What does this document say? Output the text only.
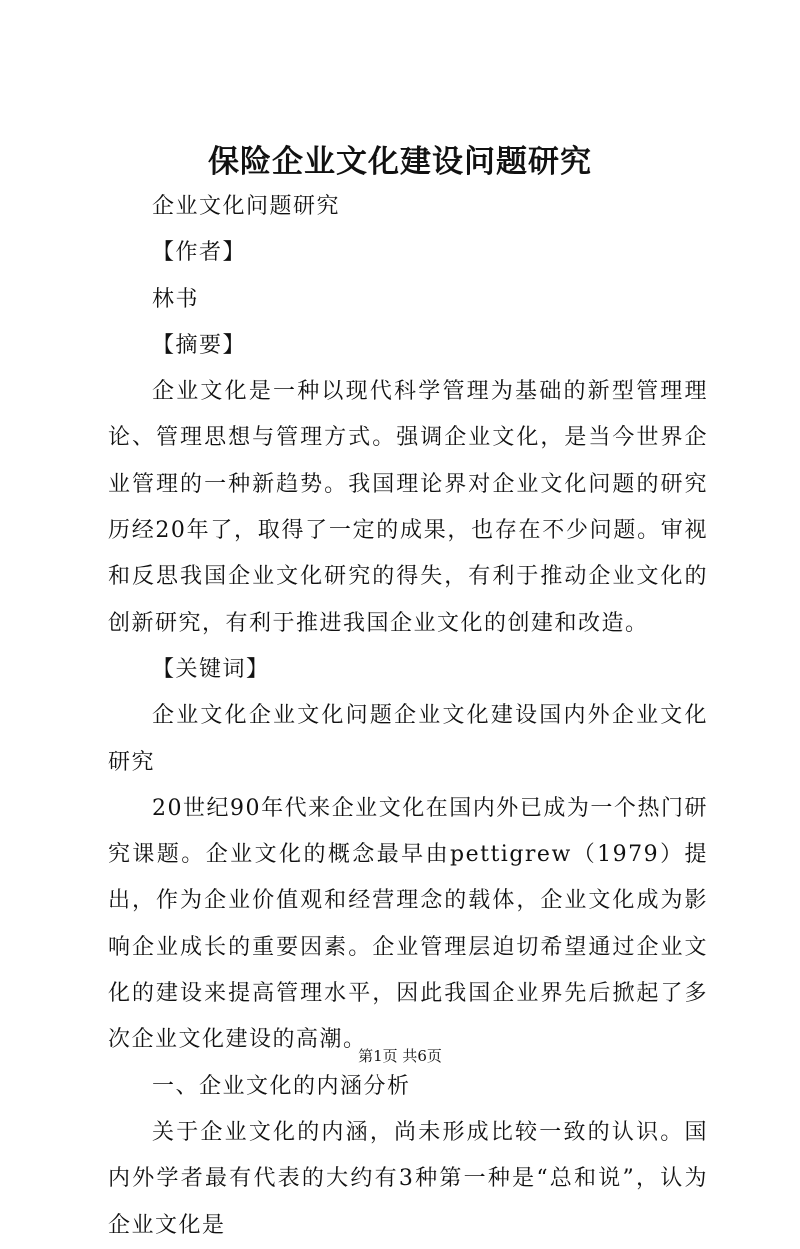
保险企业文化建设问题研究

企业文化问题研究

【作者】

林书

【摘要】

企业文化是一种以现代科学管理为基础的新型管理理论、管理思想与管理方式。强调企业文化，是当今世界企业管理的一种新趋势。我国理论界对企业文化问题的研究历经20年了，取得了一定的成果，也存在不少问题。审视和反思我国企业文化研究的得失，有利于推动企业文化的创新研究，有利于推进我国企业文化的创建和改造。

【关键词】

企业文化企业文化问题企业文化建设国内外企业文化研究

20世纪90年代来企业文化在国内外已成为一个热门研究课题。企业文化的概念最早由pettigrew（1979）提出，作为企业价值观和经营理念的载体，企业文化成为影响企业成长的重要因素。企业管理层迫切希望通过企业文化的建设来提高管理水平，因此我国企业界先后掀起了多次企业文化建设的高潮。

一、企业文化的内涵分析

关于企业文化的内涵，尚未形成比较一致的认识。国内外学者最有代表的大约有3种第一种是“总和说”，认为企业文化是

第1页 共6页
